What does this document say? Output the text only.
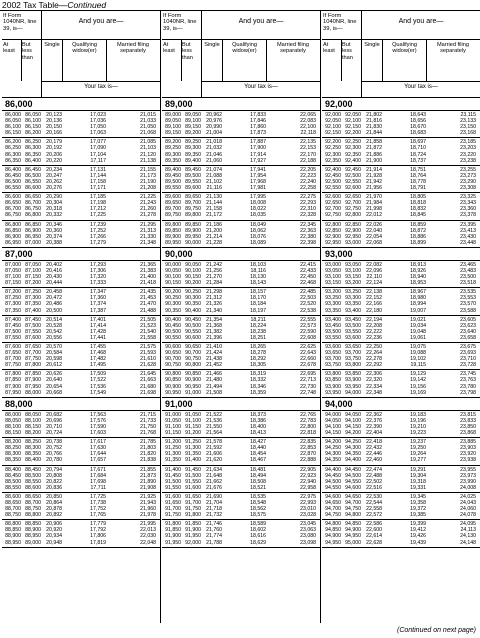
2002 Tax Table—Continued
If Form 1040NR, line 39, is—
And you are—
At least
But less than
Single	Qualifying widow(er)
Married filing separately
Your tax is—
86,000
86,000 86,050 20,123	17,023	21,015
86,050 86,100 20,136	17,036	21,033
86,100 86,150 20,150	17,050	21,050
86,150 86,200 20,166	17,063	21,068
86,200 86,250 20,179	17,077	21,085
86,250 86,300 20,192	17,090	21,103
86,300 86,350 20,206	17,104	21,120
86,350 86,400 20,220	17,117	21,138
86,400 86,450 20,234	17,131	21,155
86,450 86,500 20,247	17,144	21,173
86,500 86,550 20,262	17,158	21,190
86,550 86,600 20,276	17,171	21,208
86,600 86,650 20,290	17,185	21,225
86,650 86,700 20,304	17,198	21,243
86,700 86,750 20,318	17,212	21,260
86,750 86,800 20,332	17,225	21,278
86,800 86,850 20,346	17,239	21,295
86,850 86,900 20,360	17,252	21,313
86,900 86,950 20,374	17,266	21,330
86,950 87,000 20,388	17,279	21,348
87,000
87,000 87,050 20,402	17,293	21,365
87,050 87,100 20,416	17,306	21,383
87,100 87,150 20,430	17,320	21,400
87,150 87,200 20,444	17,333	21,418
87,200 87,250 20,458	17,347	21,435
87,250 87,300 20,472	17,360	21,453
87,300 87,350 20,486	17,374	21,470
87,350 87,400 20,500	17,387	21,488
87,400 87,450 20,514	17,401	21,505
87,450 87,500 20,528	17,414	21,523
87,500 87,550 20,542	17,428	21,540
87,550 87,600 20,556	17,441	21,558
87,600 87,650 20,570	17,455	21,575
87,650 87,700 20,584	17,468	21,593
87,700 87,750 20,598	17,482	21,610
87,750 87,800 20,612	17,495	21,628
87,800 87,850 20,626	17,509	21,645
87,850 87,900 20,640	17,522	21,663
87,900 87,950 20,654	17,536	21,680
87,950 88,000 20,668	17,549	21,698
88,000
88,000 88,050 20,682	17,563	21,715
88,050 88,100 20,696	17,576	21,733
88,100 88,150 20,710	17,590	21,750
88,150 88,200 20,724	17,603	21,768
88,200 88,250 20,738	17,617	21,785
88,250 88,300 20,752	17,630	21,803
88,300 88,350 20,766	17,644	21,820
88,350 88,400 20,780	17,657	21,838
88,400 88,450 20,794	17,671	21,855
88,450 88,500 20,808	17,684	21,873
88,500 88,550 20,822	17,698	21,890
88,550 88,600 20,836	17,711	21,908
88,600 88,650 20,850	17,725	21,925
88,650 88,700 20,864	17,738	21,943
88,700 88,750 20,878	17,752	21,960
88,750 88,800 20,892	17,765	21,978
88,800 88,850 20,906	17,779	21,995
88,850 88,900 20,920	17,792	22,013
88,900 88,950 20,934	17,806	22,030
88,950 89,000 20,948	17,819	22,048
If Form 1040NR, line 39, is—
And you are—
At least
But less than
Single	Qualifying widow(er)
Married filing separately
Your tax is—
89,000
89,000 89,050 20,962	17,833	22,065
89,050 89,100 20,976	17,846	22,083
89,100 89,150 20,990	17,860	22,100
89,150 89,200 21,004	17,873	22,118
89,200 89,250 21,018	17,887	22,135
89,250 89,300 21,032	17,900	22,153
89,300 89,350 21,046	17,914	22,170
89,350 89,400 21,060	17,927	22,188
89,400 89,450 21,074	17,941	22,205
89,450 89,500 21,088	17,954	22,223
89,500 89,550 21,102	17,968	22,240
89,550 89,600	21,116	17,981	22,258
89,600 89,650 21,130	17,995	22,275
89,650 89,700 21,144	18,008	22,293
89,700 89,750 21,158	18,022	22,310
89,750 89,800 21,172	18,035	22,328
89,800 89,850 21,186	18,049	22,345
89,850 89,900 21,200	18,062	22,363
89,900 89,950 21,214	18,076	22,380
89,950 90,000 21,228	18,089	22,398
90,000
90,000 90,050 21,242	18,103	22,415
90,050 90,100 21,256	18,116	22,433
90,100 90,150 21,270	18,130	22,450
90,150 90,200 21,284	18,143	22,468
90,200 90,250 21,298	18,157	22,485
90,250 90,300 21,312	18,170	22,503
90,300 90,350 21,326	18,184	22,520
90,350 90,400 21,340	18,197	22,538
90,400 90,450 21,354	18,211	22,555
90,450 90,500 21,368	18,224	22,573
90,500 90,550 21,382	18,238	22,590
90,550 90,600 21,396	18,251	22,608
90,600 90,650 21,410	18,265	22,625
90,650 90,700 21,424	18,278	22,643
90,700 90,750 21,438	18,292	22,660
90,750 90,800 21,452	18,305	22,678
90,800 90,850 21,466	18,319	22,695
90,850 90,900 21,480	18,332	22,713
90,900 90,950 21,494	18,346	22,730
90,950 91,000 21,508	18,359	22,748
91,000
91,000 91,050 21,522	18,373	22,765
91,050 91,100 21,536	18,386	22,783
91,100 91,150 21,550	18,400	22,800
91,150 91,200 21,564	18,413	22,818
91,200 91,250 21,578	18,427	22,835
91,250 91,300 21,592	18,440	22,853
91,300 91,350 21,606	18,454	22,870
91,350 91,400 21,620	18,467	22,888
91,400 91,450 21,634	18,481	22,905
91,450 91,500 21,648	18,494	22,923
91,500 91,550 21,662	18,508	22,940
91,550 91,600 21,676	18,521	22,958
91,600 91,650 21,690	18,535	22,975
91,650 91,700 21,704	18,548	22,993
91,700 91,750 21,718	18,562	23,010
91,750 91,800 21,732	18,575	23,028
91,800 91,850 21,746	18,589	23,045
91,850 91,900 21,760	18,602	23,063
91,900 91,950 21,774	18,616	23,080
91,950 92,000 21,788	18,629	23,098
If Form 1040NR, line 39, is—
And you are—
At least
But less than
Single	Qualifying widow(er)
Married filing separately
Your tax is—
92,000
92,000 92,050 21,802	18,643	23,115
92,050 92,100 21,816	18,656	23,133
92,100 92,150 21,830	18,670	23,150
92,150 92,200 21,844	18,683	23,168
92,200 92,250 21,858	18,697	23,185
92,250 92,300 21,872	18,710	23,203
92,300 92,350 21,886	18,724	23,220
92,350 92,400 21,900	18,737	23,238
92,400 92,450 21,914	18,751	23,255
92,450 92,500 21,928	18,764	23,273
92,500 92,550 21,942	18,778	23,290
92,550 92,600 21,956	18,791	23,308
92,600 92,650 21,970	18,805	23,325
92,650 92,700 21,984	18,818	23,343
92,700 92,750 21,998	18,832	23,360
92,750 92,800 22,012	18,845	23,378
92,800 92,850 22,026	18,859	23,395
92,850 92,900 22,040	18,872	23,413
92,900 92,950 22,054	18,886	23,430
92,950 93,000 22,068	18,899	23,448
93,000
93,000 93,050 22,082	18,913	23,465
93,050 93,100 22,096	18,926	23,483
93,100 93,150	22,110	18,940	23,500
93,150 93,200 22,124	18,953	23,518
93,200 93,250 22,138	18,967	23,535
93,250 93,300 22,152	18,980	23,553
93,300 93,350 22,166	18,994	23,570
93,350 93,400 22,180	19,007	23,588
93,400 93,450 22,194	19,021	23,605
93,450 93,500 22,208	19,034	23,623
93,500 93,550 22,222	19,048	23,640
93,550 93,600 22,236	19,061	23,658
93,600 93,650 22,250	19,075	23,675
93,650 93,700 22,264	19,088	23,693
93,700 93,750 22,278	19,102	23,710
93,750 93,800 22,292	19,115	23,728
93,800 93,850 22,306	19,129	23,745
93,850 93,900 22,320	19,142	23,763
93,900 93,950 22,334	19,156	23,780
93,950 94,000 22,348	19,169	23,798
94,000
94,000 94,050 22,362	19,183	23,815
94,050 94,100 22,376	19,196	23,833
94,100 94,150 22,390	19,210	23,850
94,150 94,200 22,404	19,223	23,868
94,200 94,250 22,418	19,237	23,885
94,250 94,300 22,432	19,250	23,903
94,300 94,350 22,446	19,264	23,920
94,350 94,400 22,460	19,277	23,938
94,400 94,450 22,474	19,291	23,955
94,450 94,500 22,488	19,304	23,973
94,500 94,550 22,502	19,318	23,990
94,550 94,600 22,516	19,331	24,008
94,600 94,650 22,530	19,345	24,025
94,650 94,700 22,544	19,358	24,043
94,700 94,750 22,558	19,372	24,060
94,750 94,800 22,572	19,385	24,078
94,800 94,850 22,586	19,399	24,095
94,850 94,900 22,600	19,412	24,113
94,900 94,950 22,614	19,426	24,130
94,950 95,000 22,628	19,439	24,148
(Continued on next page)
